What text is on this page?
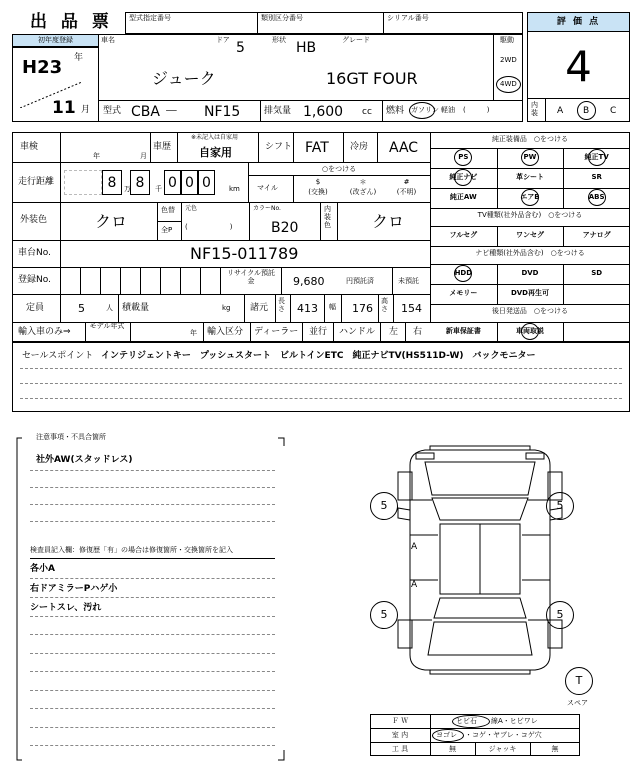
出 品 票 型式指定番号	類別区分番号	シリアル番号
初年度登録
H23 年
11 月
車名	ドア 5	形状 HB	グレード
ジューク	16GT FOUR
駆動
2WD
4WD
型式 CBA － NF15	排気量 1,600 cc 燃料 ガソリン 軽油 (　　　)
評 価 点
4
内装	A B C
車検
年	月
車歴
※未記入は自家用
自家用	シフト FAT 冷房 AAC
走行距離	8	万 8	千 0 0 0	km
○をつける
マイル
$
(交換)
＊
(改ざん)
#
(不明)
外装色	クロ
色替
全P
元色
(　　　　　　)
カラーNo.
B20
内装色	クロ
車台No.	NF15-011789
登録No.
リサイクル預託金	9,680	円預託済	未預託
定員	5	人 積載量	kg 諸元
長さ 413 幅 176
高さ 154
輸入車のみ⇒
モデル年式
年 輸入区分 ディーラー 並行 ハンドル 左 右
純正装備品　○をつける
PS	PW	純正TV
純正ナビ	革シート	SR
純正AW	エアB	ABS
TV種類(社外品含む)　○をつける
フルセグ	ワンセグ	アナログ
ナビ種類(社外品含む)　○をつける
HDD	DVD	SD
メモリー	DVD再生可
後日発送品　○をつける
新車保証書	車両取説
セールスポイント インテリジェントキー　プッシュスタート　ビルトインETC　純正ナビTV(HS511D-W)　バックモニター
注意事項・不具合箇所
社外AW(スタッドレス)
検査員記入欄：修復歴「有」の場合は修復箇所・交換箇所を記入
各小A
右ドアミラーPハゲ小
シートスレ、汚れ
5	5
5	5
A
A
T
スペア
Ｆ Ｗ	ヒビ石 線A・ヒビワレ
室 内	ヨゴレ ・コゲ・ヤブレ・コゲ穴
工 具	無	ジャッキ	無
